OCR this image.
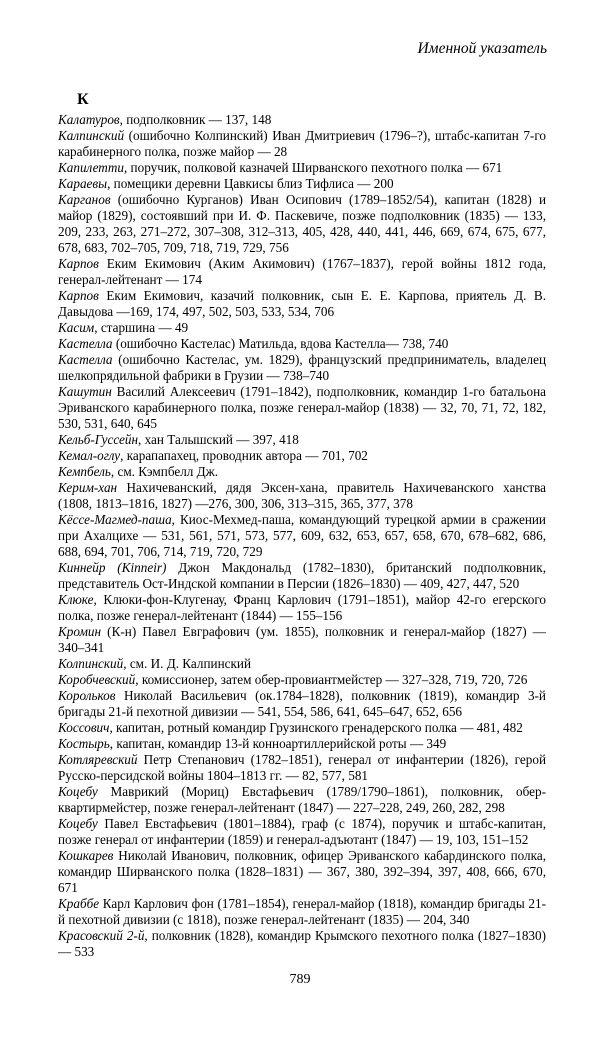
Именной указатель
К
Калатуров, подполковник — 137, 148
Калпинский (ошибочно Колпинский) Иван Дмитриевич (1796–?), штабс-капитан 7-го карабинерного полка, позже майор — 28
Капилетти, поручик, полковой казначей Ширванского пехотного полка — 671
Караевы, помещики деревни Цавкисы близ Тифлиса — 200
Карганов (ошибочно Курганов) Иван Осипович (1789–1852/54), капитан (1828) и майор (1829), состоявший при И. Ф. Паскевиче, позже подполковник (1835) — 133, 209, 233, 263, 271–272, 307–308, 312–313, 405, 428, 440, 441, 446, 669, 674, 675, 677, 678, 683, 702–705, 709, 718, 719, 729, 756
Карпов Еким Екимович (Аким Акимович) (1767–1837), герой войны 1812 года, генерал-лейтенант — 174
Карпов Еким Екимович, казачий полковник, сын Е. Е. Карпова, приятель Д. В. Давыдова —169, 174, 497, 502, 503, 533, 534, 706
Касим, старшина — 49
Кастелла (ошибочно Кастелас) Матильда, вдова Кастелла— 738, 740
Кастелла (ошибочно Кастелас, ум. 1829), французский предприниматель, владелец шелкопрядильной фабрики в Грузии — 738–740
Кашутин Василий Алексеевич (1791–1842), подполковник, командир 1-го батальона Эриванского карабинерного полка, позже генерал-майор (1838) — 32, 70, 71, 72, 182, 530, 531, 640, 645
Кельб-Гуссейн, хан Талышский — 397, 418
Кемал-оглу, карапапахец, проводник автора — 701, 702
Кемпбель, см. Кэмпбелл Дж.
Керим-хан Нахичеванский, дядя Эксен-хана, правитель Нахичеванского ханства (1808, 1813–1816, 1827) —276, 300, 306, 313–315, 365, 377, 378
Кёссе-Магмед-паша, Киос-Мехмед-паша, командующий турецкой армии в сражении при Ахалцихе — 531, 561, 571, 573, 577, 609, 632, 653, 657, 658, 670, 678–682, 686, 688, 694, 701, 706, 714, 719, 720, 729
Киннейр (Kinneir) Джон Макдональд (1782–1830), британский подполковник, представитель Ост-Индской компании в Персии (1826–1830) — 409, 427, 447, 520
Клюке, Клюки-фон-Клугенау, Франц Карлович (1791–1851), майор 42-го егерского полка, позже генерал-лейтенант (1844) — 155–156
Кромин (К-н) Павел Евграфович (ум. 1855), полковник и генерал-майор (1827) — 340–341
Колпинский, см. И. Д. Калпинский
Коробчевский, комиссионер, затем обер-провиантмейстер — 327–328, 719, 720, 726
Корольков Николай Васильевич (ок.1784–1828), полковник (1819), командир 3-й бригады 21-й пехотной дивизии — 541, 554, 586, 641, 645–647, 652, 656
Коссович, капитан, ротный командир Грузинского гренадерского полка — 481, 482
Костырь, капитан, командир 13-й конноартиллерийской роты — 349
Котляревский Петр Степанович (1782–1851), генерал от инфантерии (1826), герой Русско-персидской войны 1804–1813 гг. — 82, 577, 581
Коцебу Маврикий (Мориц) Евстафьевич (1789/1790–1861), полковник, обер-квартирмейстер, позже генерал-лейтенант (1847) — 227–228, 249, 260, 282, 298
Коцебу Павел Евстафьевич (1801–1884), граф (с 1874), поручик и штабс-капитан, позже генерал от инфантерии (1859) и генерал-адъютант (1847) — 19, 103, 151–152
Кошкарев Николай Иванович, полковник, офицер Эриванского кабардинского полка, командир Ширванского полка (1828–1831) — 367, 380, 392–394, 397, 408, 666, 670, 671
Краббе Карл Карлович фон (1781–1854), генерал-майор (1818), командир бригады 21-й пехотной дивизии (с 1818), позже генерал-лейтенант (1835) — 204, 340
Красовский 2-й, полковник (1828), командир Крымского пехотного полка (1827–1830) — 533
789
